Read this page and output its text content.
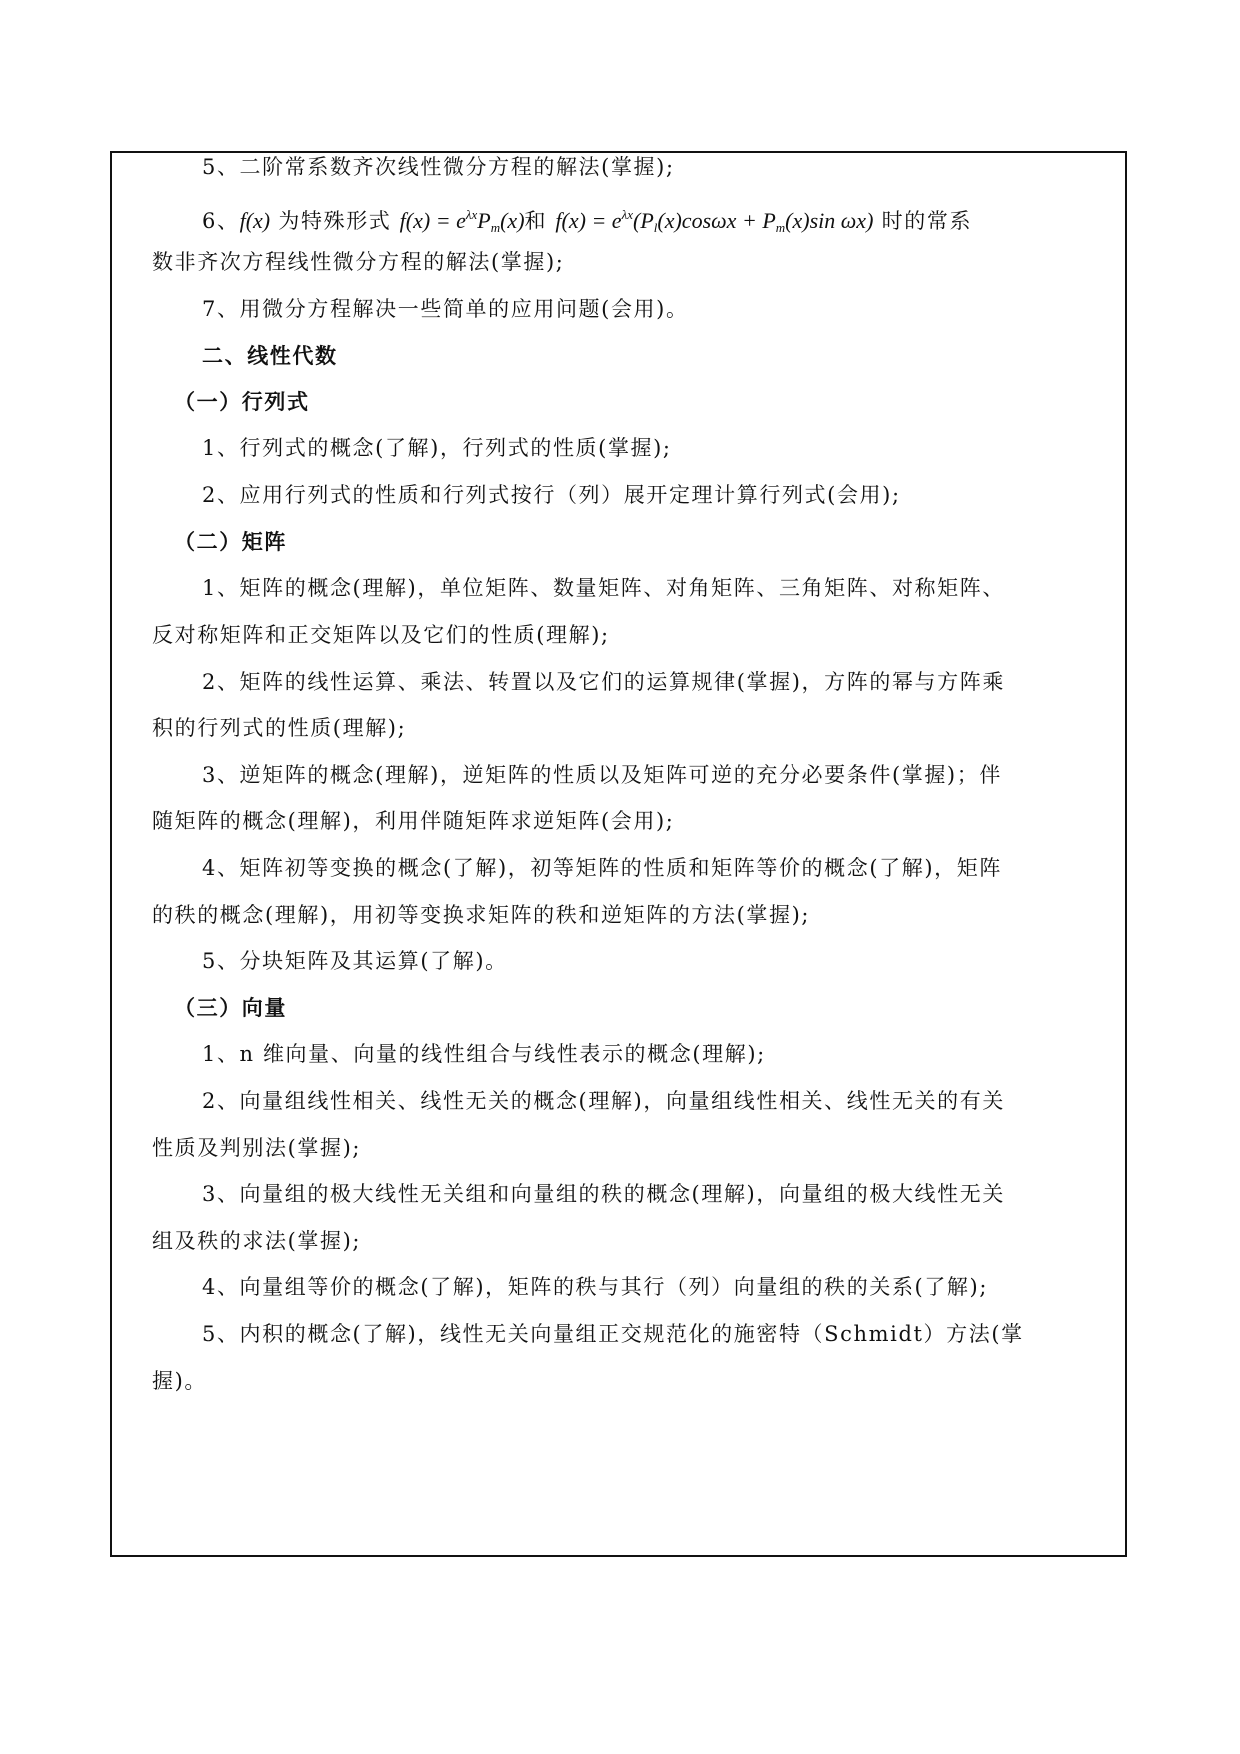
5、二阶常系数齐次线性微分方程的解法(掌握);
6、f(x) 为特殊形式 $f(x) = e^{\lambda x}P_m(x)$和 $f(x) = e^{\lambda x}(P_l(x)\cos\omega x + P_m(x)\sin$ ωx) 时的常系
数非齐次方程线性微分方程的解法(掌握);
7、用微分方程解决一些简单的应用问题(会用)。
二、线性代数
（一）行列式
1、行列式的概念(了解)，行列式的性质(掌握);
2、应用行列式的性质和行列式按行（列）展开定理计算行列式(会用);
（二）矩阵
1、矩阵的概念(理解)，单位矩阵、数量矩阵、对角矩阵、三角矩阵、对称矩阵、
反对称矩阵和正交矩阵以及它们的性质(理解);
2、矩阵的线性运算、乘法、转置以及它们的运算规律(掌握)，方阵的幂与方阵乘
积的行列式的性质(理解);
3、逆矩阵的概念(理解)，逆矩阵的性质以及矩阵可逆的充分必要条件(掌握)；伴
随矩阵的概念(理解)，利用伴随矩阵求逆矩阵(会用);
4、矩阵初等变换的概念(了解)，初等矩阵的性质和矩阵等价的概念(了解)，矩阵
的秩的概念(理解)，用初等变换求矩阵的秩和逆矩阵的方法(掌握);
5、分块矩阵及其运算(了解)。
（三）向量
1、n 维向量、向量的线性组合与线性表示的概念(理解);
2、向量组线性相关、线性无关的概念(理解)，向量组线性相关、线性无关的有关
性质及判别法(掌握);
3、向量组的极大线性无关组和向量组的秩的概念(理解)，向量组的极大线性无关
组及秩的求法(掌握);
4、向量组等价的概念(了解)，矩阵的秩与其行（列）向量组的秩的关系(了解);
5、内积的概念(了解)，线性无关向量组正交规范化的施密特（Schmidt）方法(掌
握)。
